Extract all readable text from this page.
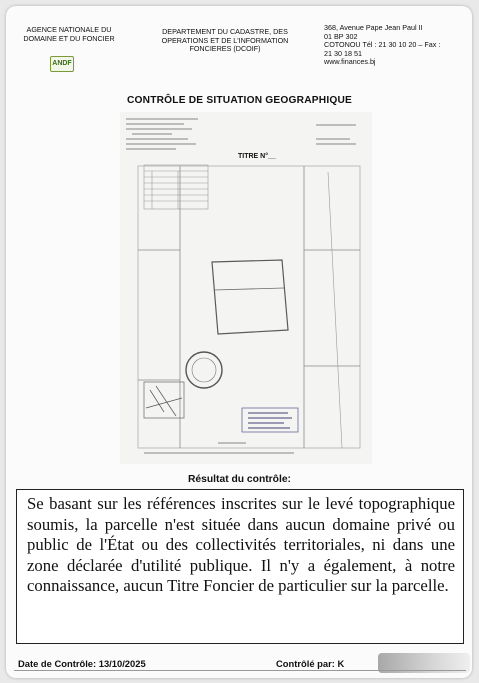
AGENCE NATIONALE DU
DOMAINE ET DU FONCIER
ANDF
DEPARTEMENT DU CADASTRE, DES
OPERATIONS ET DE L'INFORMATION
FONCIERES (DCOIF)
368, Avenue Pape Jean Paul II
01 BP 302
COTONOU Tél : 21 30 10 20 – Fax :
21 30 18 51
www.finances.bj
CONTRÔLE DE SITUATION GEOGRAPHIQUE
TITRE N°__
Résultat du contrôle:
Se basant sur les références inscrites sur le levé topographique soumis, la parcelle n'est située dans aucun domaine privé ou public de l'État ou des collectivités territoriales, ni dans une zone déclarée d'utilité publique. Il n'y a également, à notre connaissance, aucun Titre Foncier de particulier sur la parcelle.
Date de Contrôle: 13/10/2025	Contrôlé par: K
